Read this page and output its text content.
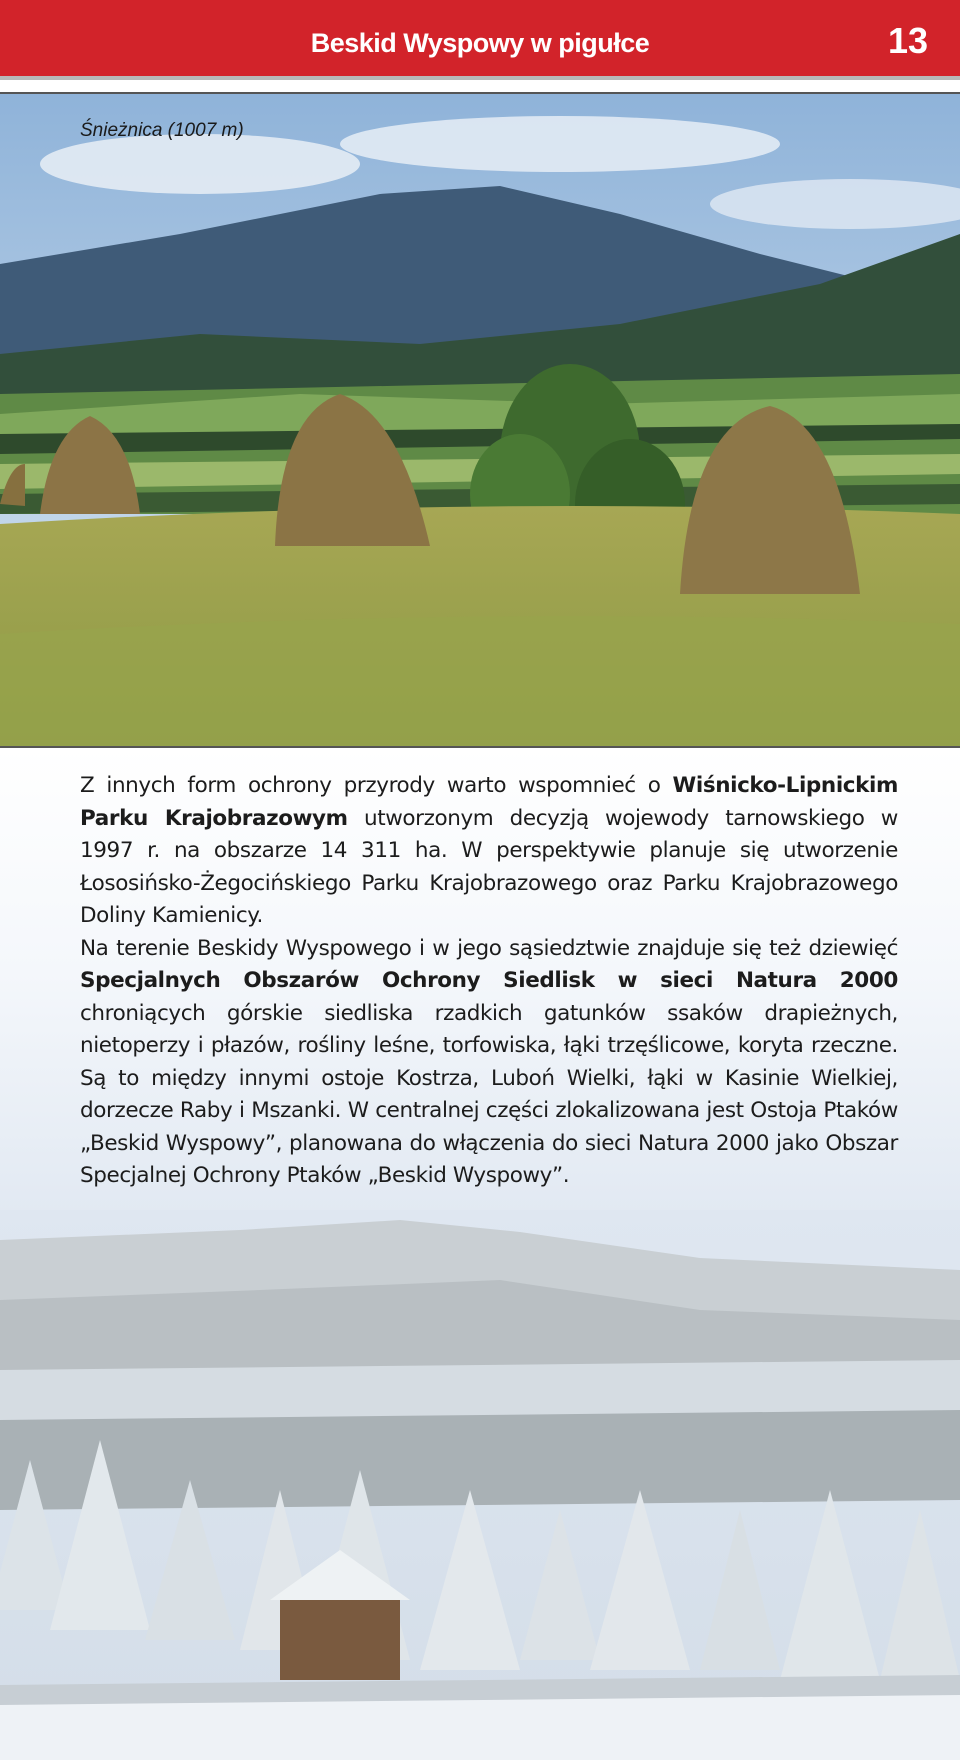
Beskid Wyspowy w pigułce	13
Śnieżnica (1007 m)

Z innych form ochrony przyrody warto wspomnieć o Wiśnicko-Lipnickim Parku Krajobrazowym utworzonym decyzją wojewody tarnowskiego w 1997 r. na obszarze 14 311 ha. W perspektywie planuje się utworzenie Łososińsko-Żegocińskiego Parku Krajobrazowego oraz Parku Krajobrazowego Doliny Kamienicy.

Na terenie Beskidy Wyspowego i w jego sąsiedztwie znajduje się też dziewięć Specjalnych Obszarów Ochrony Siedlisk w sieci Natura 2000 chroniących górskie siedliska rzadkich gatunków ssaków drapieżnych, nietoperzy i płazów, rośliny leśne, torfowiska, łąki trzęślicowe, koryta rzeczne. Są to między innymi ostoje Kostrza, Luboń Wielki, łąki w Kasinie Wielkiej, dorzecze Raby i Mszanki. W centralnej części zlokalizowana jest Ostoja Ptaków „Beskid Wyspowy”, planowana do włączenia do sieci Natura 2000 jako Obszar Specjalnej Ochrony Ptaków „Beskid Wyspowy”.
